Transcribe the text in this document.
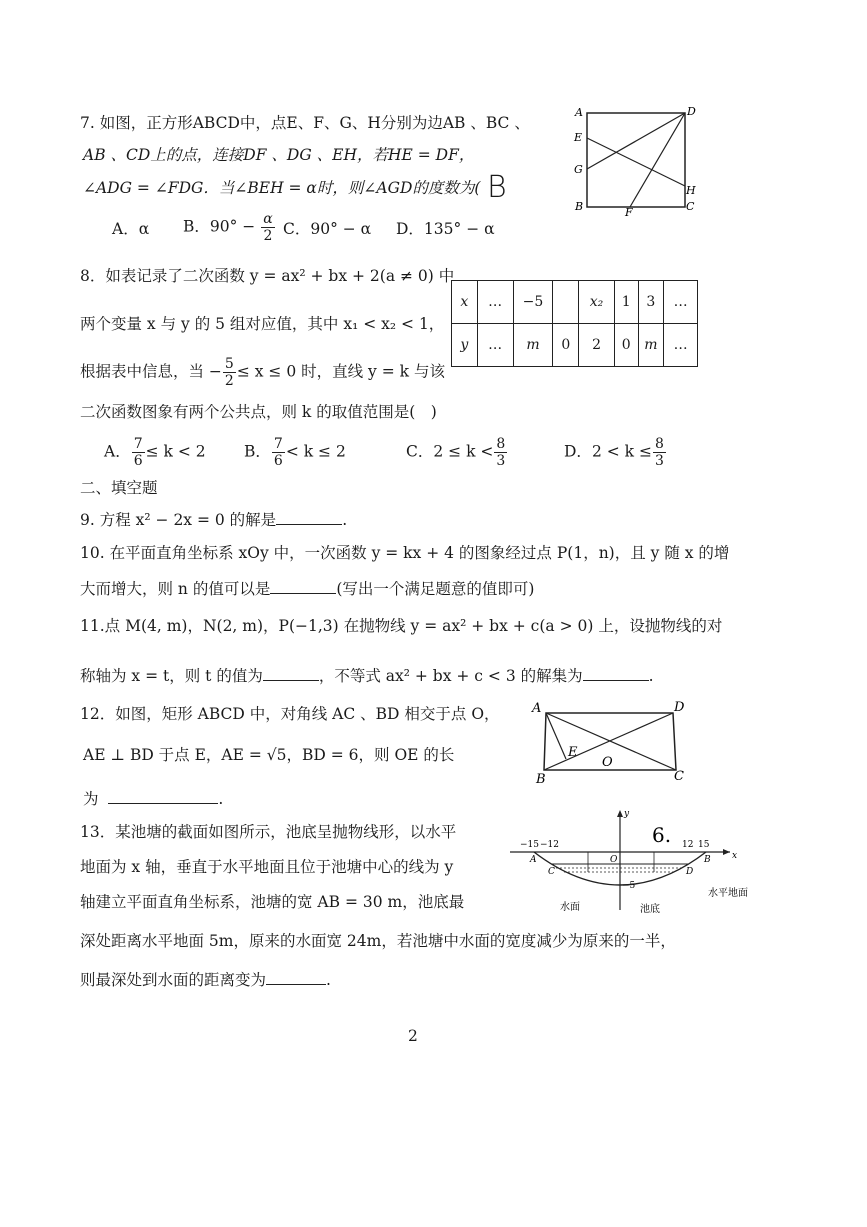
7. 如图，正方形ABCD中，点E、F、G、H分别为边AB 、BC 、
AB 、CD上的点，连接DF 、DG 、EH，若HE = DF，
∠ADG = ∠FDG．当∠BEH = α时，则∠AGD的度数为( B
A．α B．$90^\circ - \frac{\alpha}{2}$ C．90° − α D．135° − α
A	D
E
G
H
B	F	C
8．如表记录了二次函数 y = ax² + bx + 2(a ≠ 0) 中
两个变量 x 与 y 的 5 组对应值，其中 x₁ < x₂ < 1，
根据表中信息，当 − $\frac{5}{2} \le x \le 0$ 时，直线 y = k 与该
二次函数图象有两个公共点，则 k 的取值范围是(　)
x	…	−5		x₂	1	3	…
y	…	m	0	2	0	m	…
A． $\frac{7}{6} \le k < 2$ B． $\frac{7}{6} < k \le 2$	C．$2 \le k < \frac{8}{3}$	D．$2 < k \le \frac{8}{3}$
二、填空题
9. 方程 x² − 2x = 0 的解是	.
10. 在平面直角坐标系 xOy 中，一次函数 y = kx + 4 的图象经过点 P(1，n)，且 y 随 x 的增
大而增大，则 n 的值可以是	(写出一个满足题意的值即可)
11.点 M(4, m)，N(2, m)，P(−1,3) 在抛物线 y = ax² + bx + c(a > 0) 上，设抛物线的对
称轴为 x = t，则 t 的值为	，不等式 ax² + bx + c < 3 的解集为	.
12．如图，矩形 ABCD 中，对角线 AC 、BD 相交于点 O，
AE ⊥ BD 于点 E，AE = √5，BD = 6，则 OE 的长
为	.
A	D
B	C
E
O
13．某池塘的截面如图所示，池底呈抛物线形，以水平
地面为 x 轴，垂直于水平地面且位于池塘中心的线为 y
轴建立平面直角坐标系，池塘的宽 AB = 30 m，池底最
深处距离水平地面 5m，原来的水面宽 24m，若池塘中水面的宽度减少为原来的一半，
则最深处到水面的距离变为	.
−15 −12	12 15
y
x
O
A	B
C	D
−5
水面	池底
水平地面
6.
2
